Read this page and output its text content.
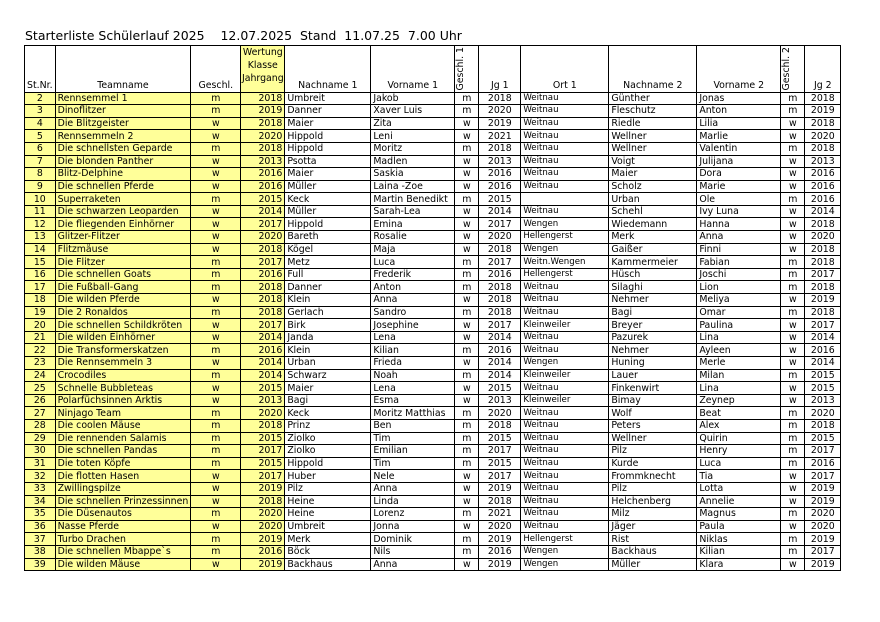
Starterliste Schülerlauf 2025    12.07.2025  Stand  11.07.25  7.00 Uhr
St.Nr.	Teamname	Geschl.	Wertung
Klasse
Jahrgang	Nachname 1	Vorname 1	Geschl. 1	Jg 1	Ort 1	Nachname 2	Vorname 2	Geschl. 2	Jg 2
2	Rennsemmel 1	m	2018	Umbreit	Jakob	m	2018	Weitnau	Günther	Jonas	m	2018
3	Dinoflitzer	m	2019	Danner	Xaver Luis	m	2020	Weitnau	Fleschutz	Anton	m	2019
4	Die Blitzgeister	w	2018	Maier	Zita	w	2019	Weitnau	Riedle	Lilia	w	2018
5	Rennsemmeln 2	w	2020	Hippold	Leni	w	2021	Weitnau	Wellner	Marlie	w	2020
6	Die schnellsten Geparde	m	2018	Hippold	Moritz	m	2018	Weitnau	Wellner	Valentin	m	2018
7	Die blonden Panther	w	2013	Psotta	Madlen	w	2013	Weitnau	Voigt	Julijana	w	2013
8	Blitz-Delphine	w	2016	Maier	Saskia	w	2016	Weitnau	Maier	Dora	w	2016
9	Die schnellen Pferde	w	2016	Müller	Laina -Zoe	w	2016	Weitnau	Scholz	Marie	w	2016
10	Superraketen	m	2015	Keck	Martin Benedikt	m	2015		Urban	Ole	m	2016
11	Die schwarzen Leoparden	w	2014	Müller	Sarah-Lea	w	2014	Weitnau	Schehl	Ivy Luna	w	2014
12	Die fliegenden Einhörner	w	2017	Hippold	Emina	w	2017	Wengen	Wiedemann	Hanna	w	2018
13	Glitzer-Flitzer	w	2020	Bareth	Rosalie	w	2020	Hellengerst	Merk	Anna	w	2020
14	Flitzmäuse	w	2018	Kögel	Maja	w	2018	Wengen	Gaißer	Finni	w	2018
15	Die Flitzer	m	2017	Metz	Luca	m	2017	Weitn.Wengen	Kammermeier	Fabian	m	2018
16	Die schnellen Goats	m	2016	Full	Frederik	m	2016	Hellengerst	Hüsch	Joschi	m	2017
17	Die Fußball-Gang	m	2018	Danner	Anton	m	2018	Weitnau	Silaghi	Lion	m	2018
18	Die wilden Pferde	w	2018	Klein	Anna	w	2018	Weitnau	Nehmer	Meliya	w	2019
19	Die 2 Ronaldos	m	2018	Gerlach	Sandro	m	2018	Weitnau	Bagi	Omar	m	2018
20	Die schnellen Schildkröten	w	2017	Birk	Josephine	w	2017	Kleinweiler	Breyer	Paulina	w	2017
21	Die wilden Einhörner	w	2014	Janda	Lena	w	2014	Weitnau	Pazurek	Lina	w	2014
22	Die Transformerskatzen	m	2016	Klein	Kilian	m	2016	Weitnau	Nehmer	Ayleen	w	2016
23	Die Rennsemmeln 3	w	2014	Urban	Frieda	w	2014	Wengen	Huning	Merle	w	2014
24	Crocodiles	m	2014	Schwarz	Noah	m	2014	Kleinweiler	Lauer	Milan	m	2015
25	Schnelle Bubbleteas	w	2015	Maier	Lena	w	2015	Weitnau	Finkenwirt	Lina	w	2015
26	Polarfüchsinnen Arktis	w	2013	Bagi	Esma	w	2013	Kleinweiler	Bimay	Zeynep	w	2013
27	Ninjago Team	m	2020	Keck	Moritz Matthias	m	2020	Weitnau	Wolf	Beat	m	2020
28	Die coolen Mäuse	m	2018	Prinz	Ben	m	2018	Weitnau	Peters	Alex	m	2018
29	Die rennenden Salamis	m	2015	Ziolko	Tim	m	2015	Weitnau	Wellner	Quirin	m	2015
30	Die schnellen Pandas	m	2017	Ziolko	Emilian	m	2017	Weitnau	Pilz	Henry	m	2017
31	Die toten Köpfe	m	2015	Hippold	Tim	m	2015	Weitnau	Kurde	Luca	m	2016
32	Die flotten Hasen	w	2017	Huber	Nele	w	2017	Weitnau	Frommknecht	Tia	w	2017
33	Zwillingspilze	w	2019	Pilz	Anna	w	2019	Weitnau	Pilz	Lotta	w	2019
34	Die schnellen Prinzessinnen	w	2018	Heine	Linda	w	2018	Weitnau	Helchenberg	Annelie	w	2019
35	Die Düsenautos	m	2020	Heine	Lorenz	m	2021	Weitnau	Milz	Magnus	m	2020
36	Nasse Pferde	w	2020	Umbreit	Jonna	w	2020	Weitnau	Jäger	Paula	w	2020
37	Turbo Drachen	m	2019	Merk	Dominik	m	2019	Hellengerst	Rist	Niklas	m	2019
38	Die schnellen Mbappe`s	m	2016	Böck	Nils	m	2016	Wengen	Backhaus	Kilian	m	2017
39	Die wilden Mäuse	w	2019	Backhaus	Anna	w	2019	Wengen	Müller	Klara	w	2019
